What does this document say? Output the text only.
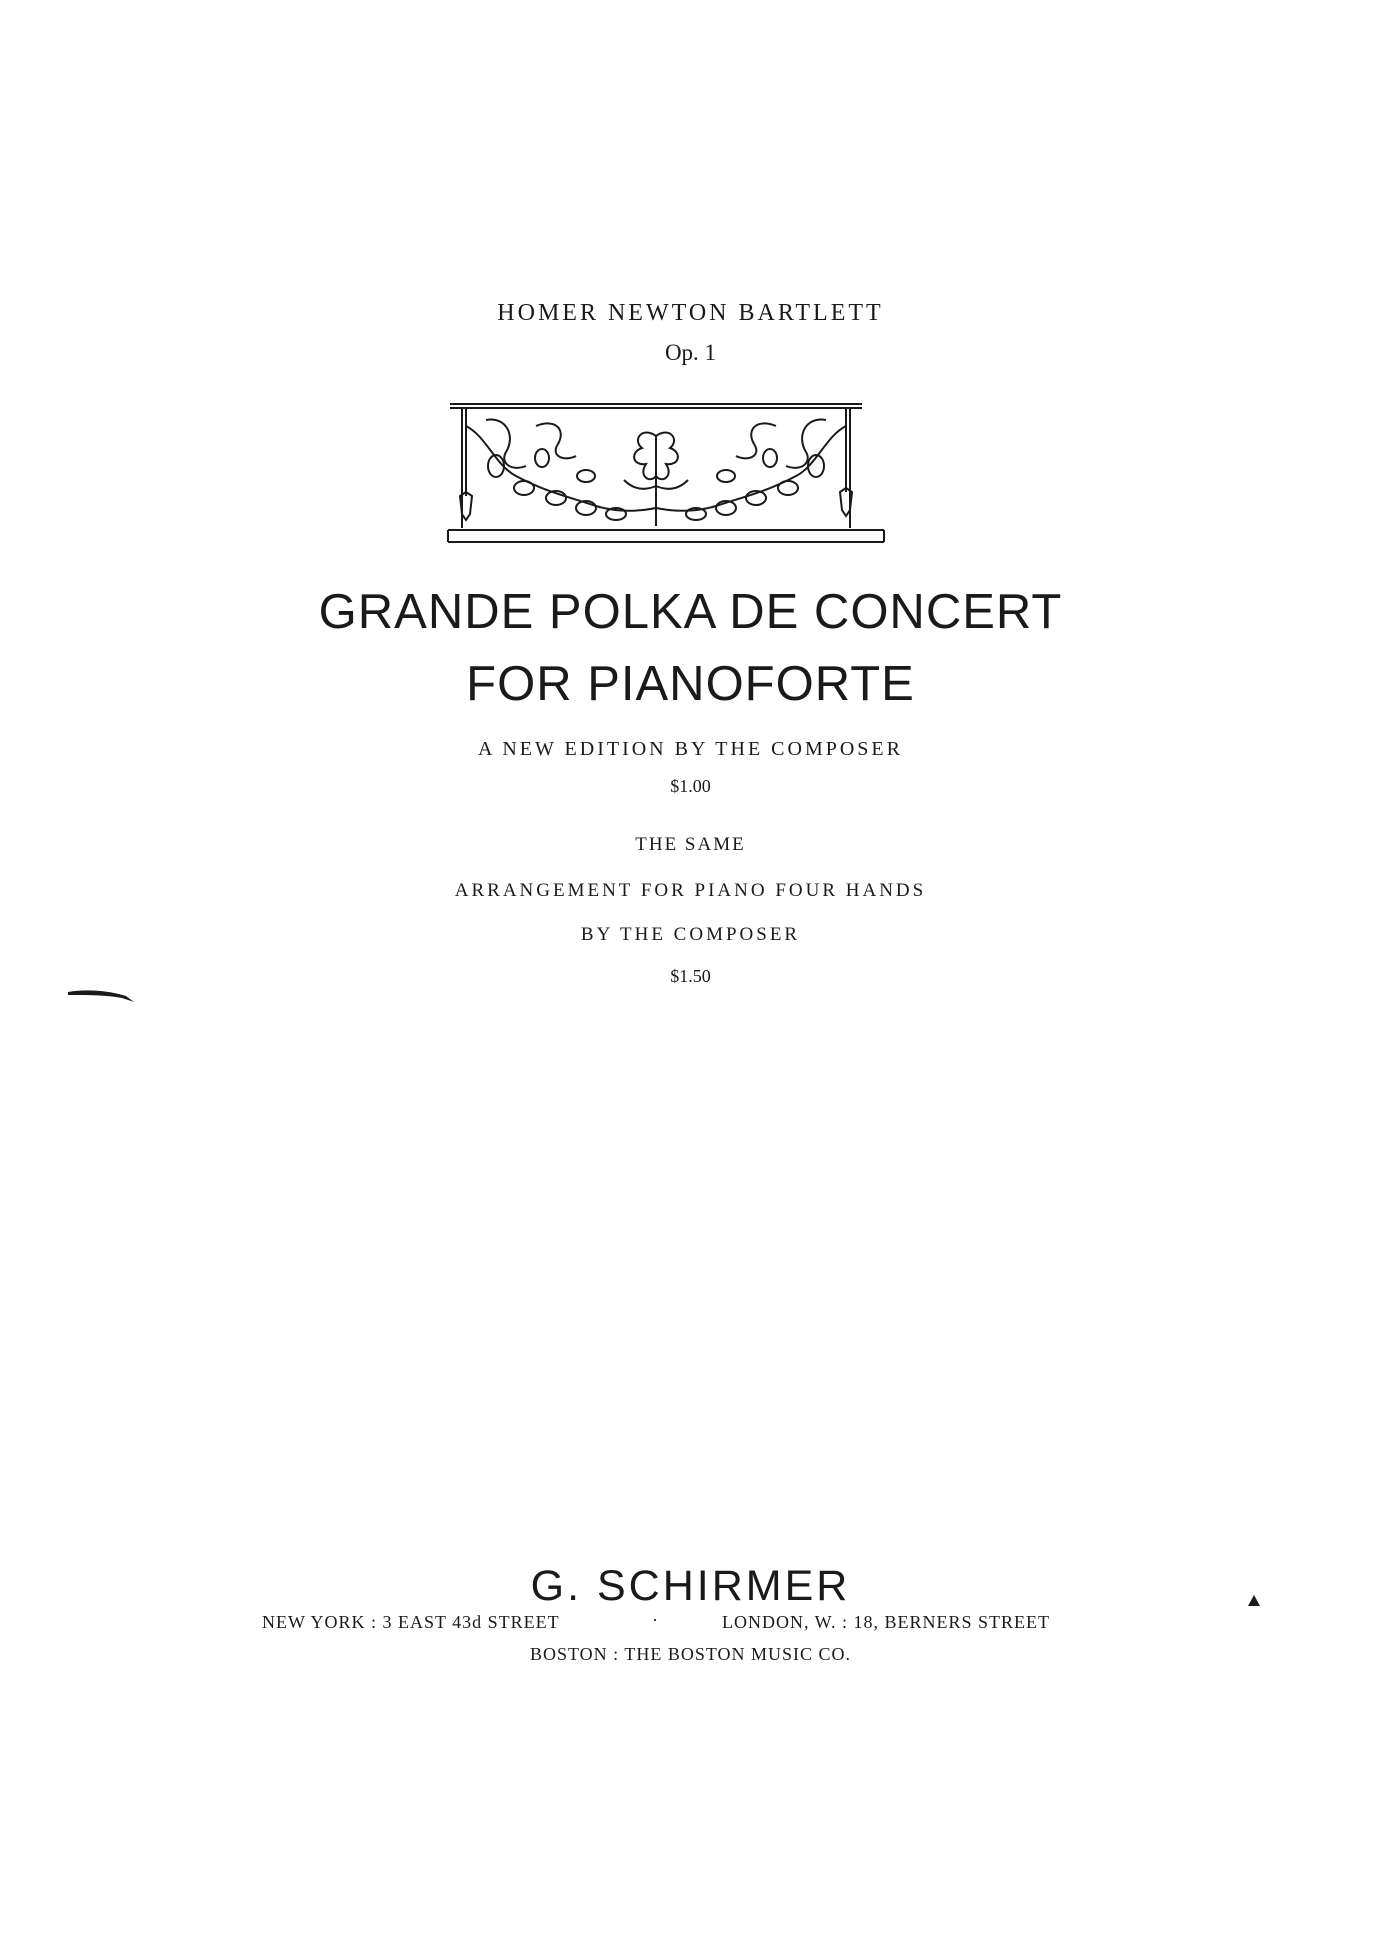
HOMER NEWTON BARTLETT
Op. 1
GRANDE POLKA DE CONCERT
FOR PIANOFORTE
A NEW EDITION BY THE COMPOSER
$1.00
THE SAME
ARRANGEMENT FOR PIANO FOUR HANDS
BY THE COMPOSER
$1.50
G. SCHIRMER
NEW YORK : 3 EAST 43d STREET	·	LONDON, W. : 18, BERNERS STREET
BOSTON : THE BOSTON MUSIC CO.
